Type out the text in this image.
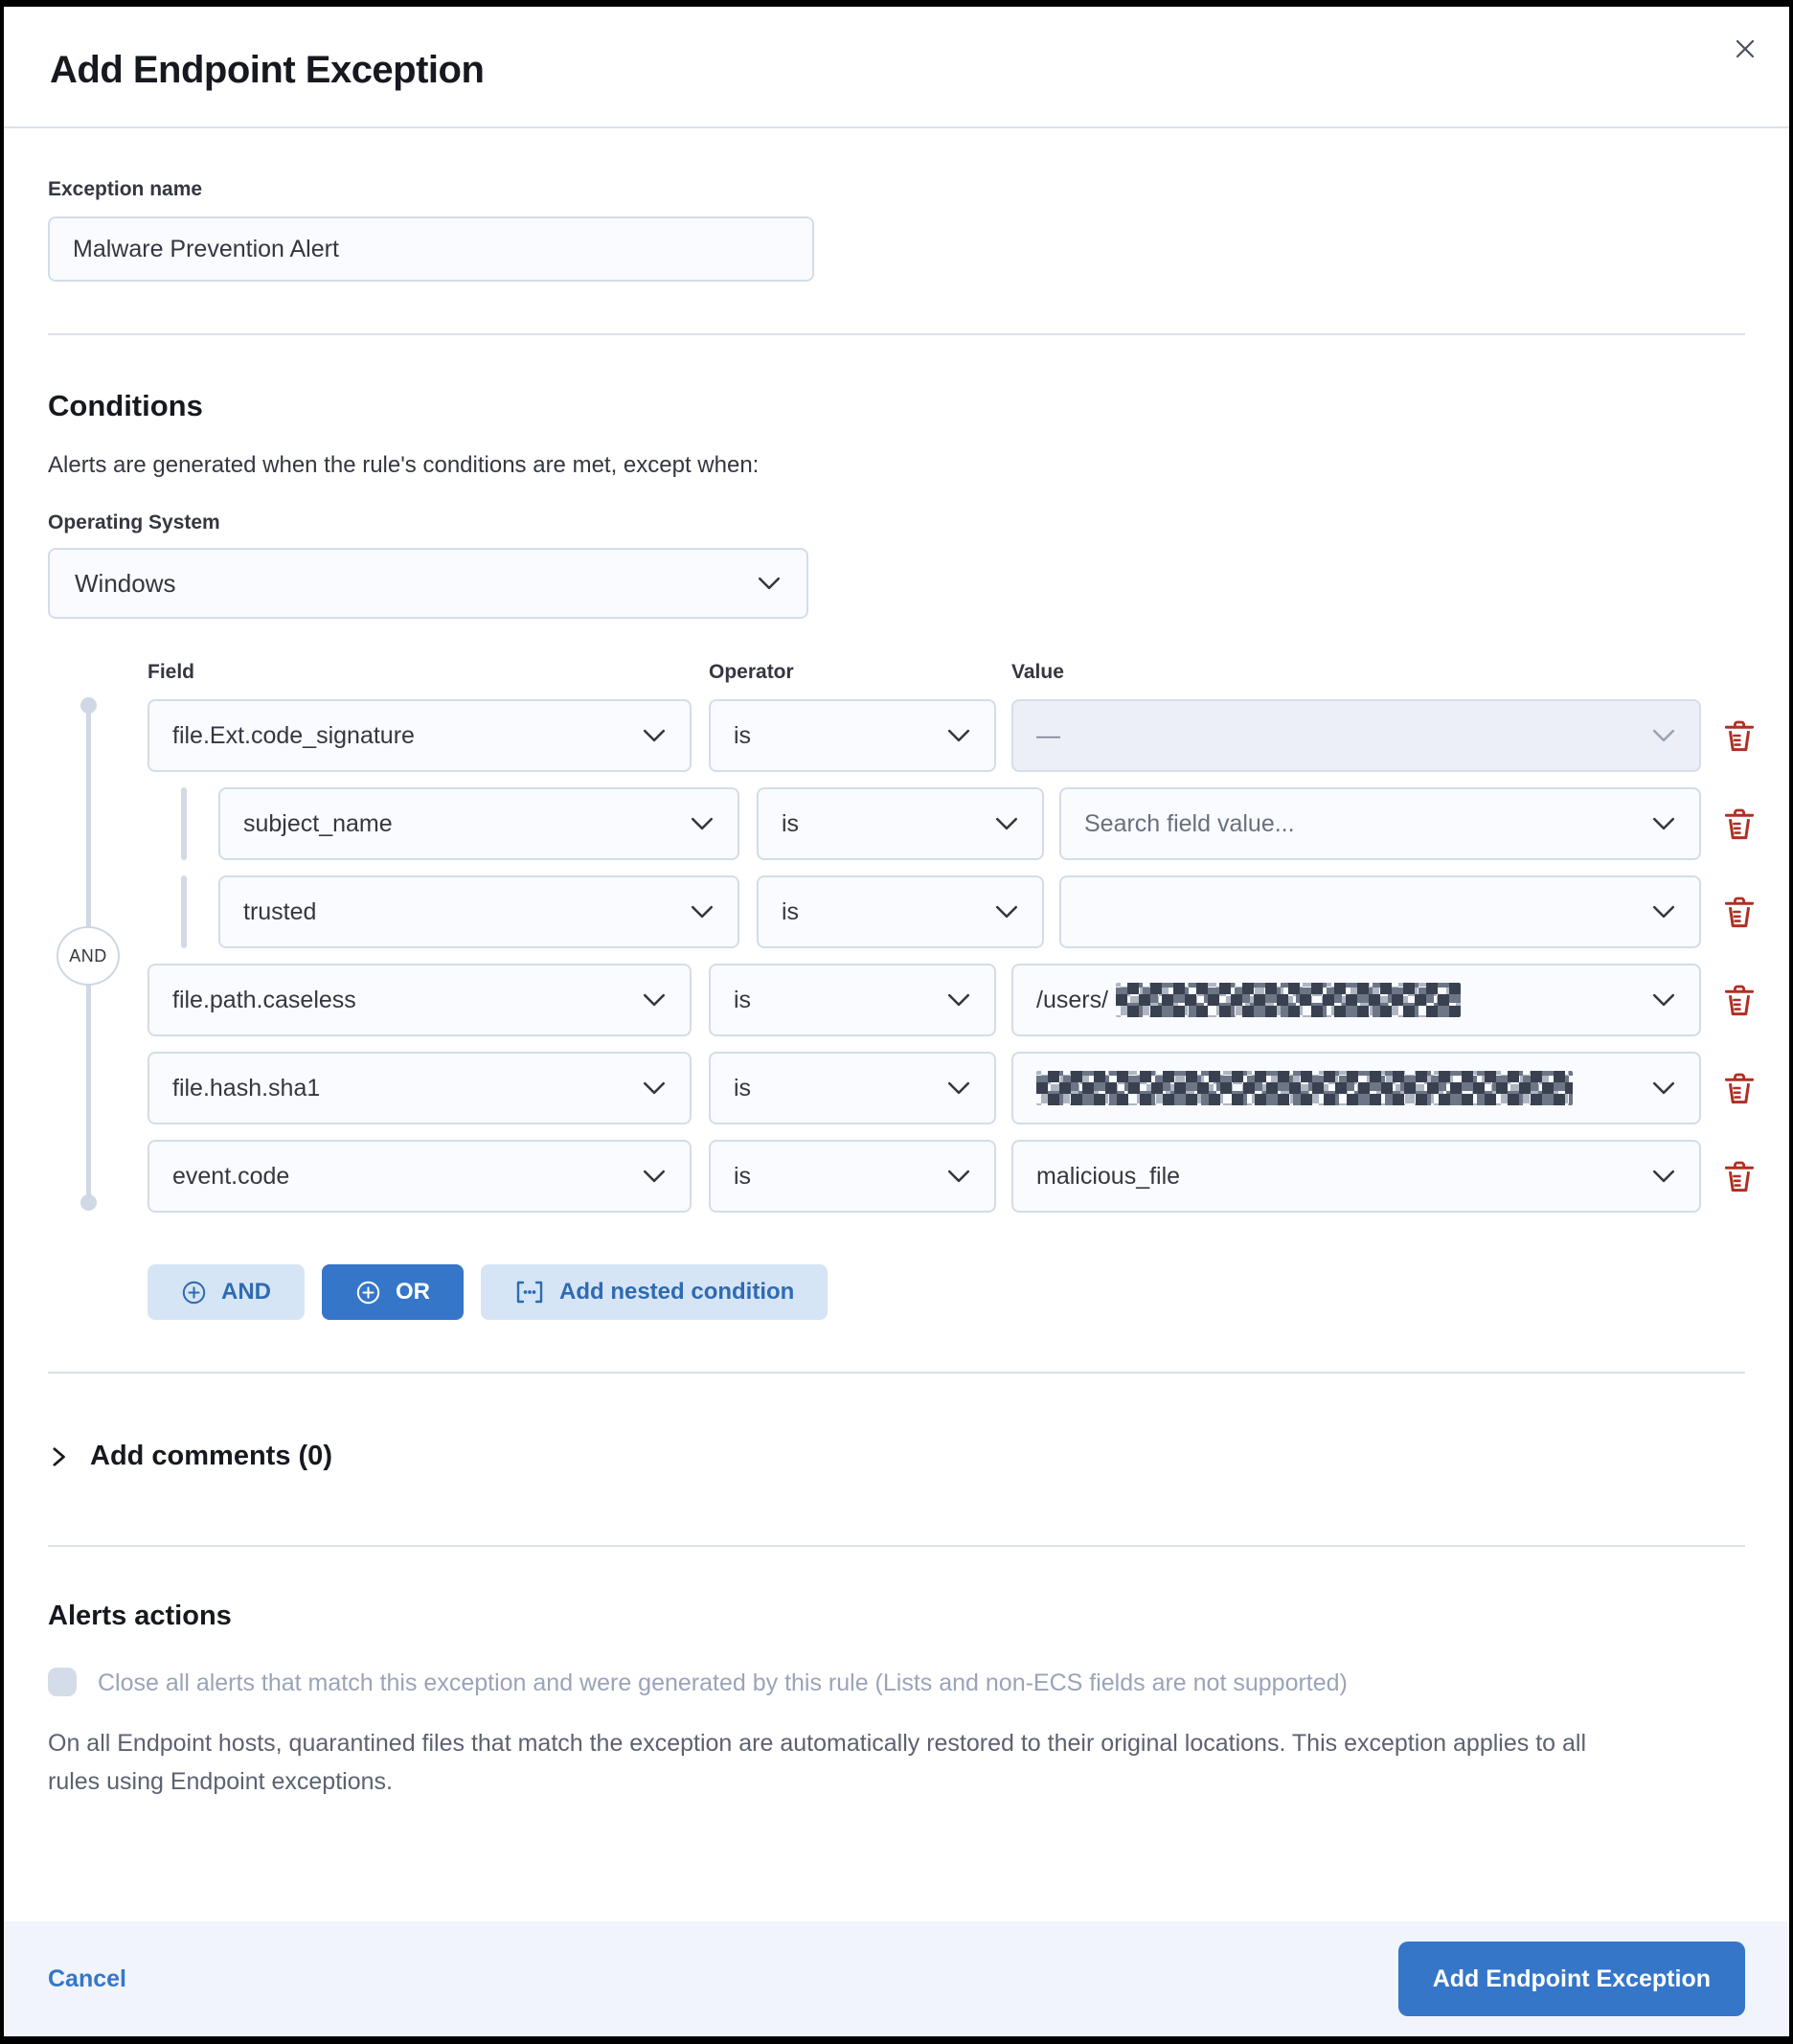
Add Endpoint Exception
Exception name
Malware Prevention Alert
Conditions

Alerts are generated when the rule's conditions are met, except when:

Operating System
Windows
Field	Operator	Value
AND
file.Ext.code_signature	is	—
subject_name	is	Search field value...
trusted	is
file.path.caseless	is	/users/
file.hash.sha1	is
event.code	is	malicious_file
AND	OR	Add nested condition
Add comments (0)
Alerts actions
Close all alerts that match this exception and were generated by this rule (Lists and non-ECS fields are not supported)

On all Endpoint hosts, quarantined files that match the exception are automatically restored to their original locations. This exception applies to all rules using Endpoint exceptions.

Cancel	Add Endpoint Exception
